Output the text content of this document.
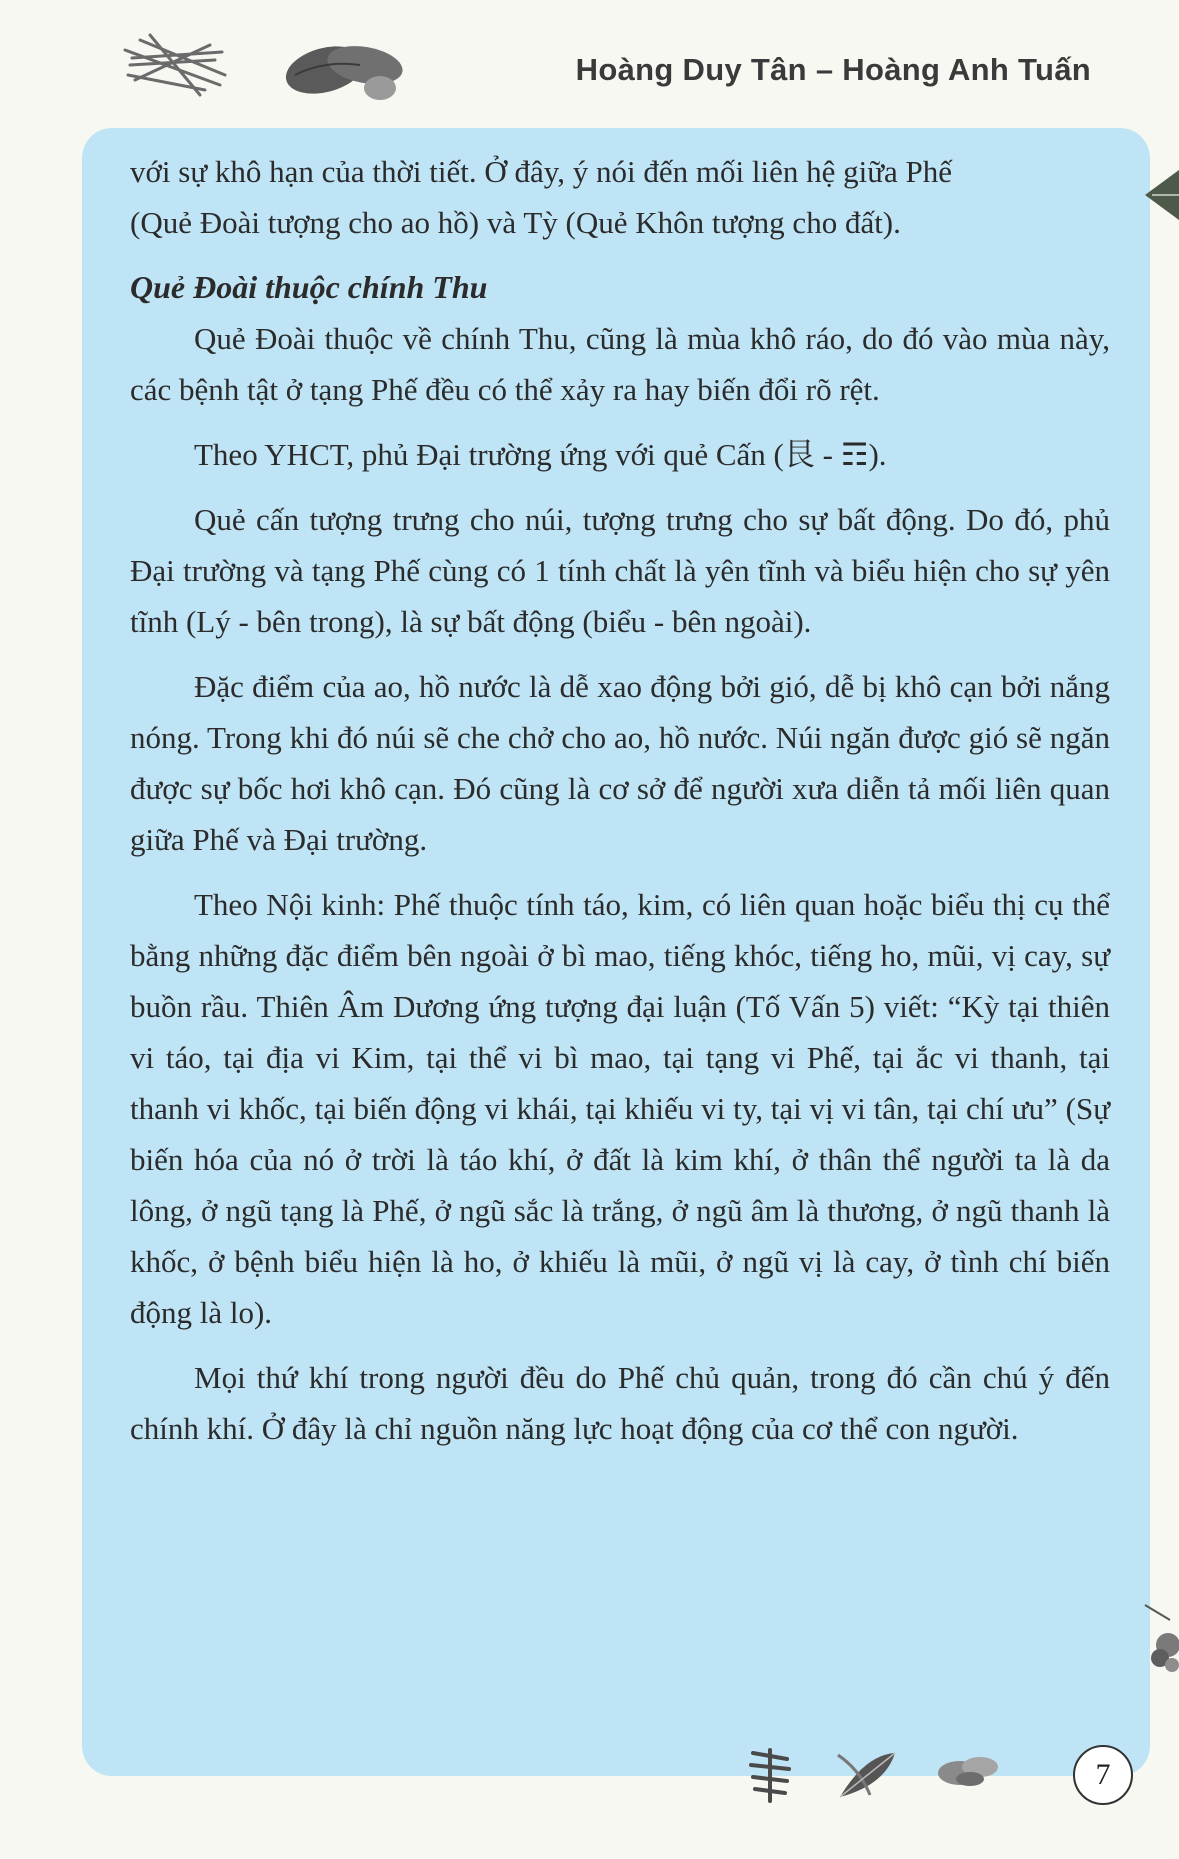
Hoàng Duy Tân – Hoàng Anh Tuấn

với sự khô hạn của thời tiết. Ở đây, ý nói đến mối liên hệ giữa Phế

(Quẻ Đoài tượng cho ao hồ) và Tỳ (Quẻ Khôn tượng cho đất).

Quẻ Đoài thuộc chính Thu

Quẻ Đoài thuộc về chính Thu, cũng là mùa khô ráo, do đó vào mùa này, các bệnh tật ở tạng Phế đều có thể xảy ra hay biến đổi rõ rệt.

Theo YHCT, phủ Đại trường ứng với quẻ Cấn (艮 - ☶).

Quẻ cấn tượng trưng cho núi, tượng trưng cho sự bất động. Do đó, phủ Đại trường và tạng Phế cùng có 1 tính chất là yên tĩnh và biểu hiện cho sự yên tĩnh (Lý - bên trong), là sự bất động (biểu - bên ngoài).

Đặc điểm của ao, hồ nước là dễ xao động bởi gió, dễ bị khô cạn bởi nắng nóng. Trong khi đó núi sẽ che chở cho ao, hồ nước. Núi ngăn được gió sẽ ngăn được sự bốc hơi khô cạn. Đó cũng là cơ sở để người xưa diễn tả mối liên quan giữa Phế và Đại trường.

Theo Nội kinh: Phế thuộc tính táo, kim, có liên quan hoặc biểu thị cụ thể bằng những đặc điểm bên ngoài ở bì mao, tiếng khóc, tiếng ho, mũi, vị cay, sự buồn rầu. Thiên Âm Dương ứng tượng đại luận (Tố Vấn 5) viết: “Kỳ tại thiên vi táo, tại địa vi Kim, tại thể vi bì mao, tại tạng vi Phế, tại ắc vi thanh, tại thanh vi khốc, tại biến động vi khái, tại khiếu vi ty, tại vị vi tân, tại chí ưu” (Sự biến hóa của nó ở trời là táo khí, ở đất là kim khí, ở thân thể người ta là da lông, ở ngũ tạng là Phế, ở ngũ sắc là trắng, ở ngũ âm là thương, ở ngũ thanh là khốc, ở bệnh biểu hiện là ho, ở khiếu là mũi, ở ngũ vị là cay, ở tình chí biến động là lo).

Mọi thứ khí trong người đều do Phế chủ quản, trong đó cần chú ý đến chính khí. Ở đây là chỉ nguồn năng lực hoạt động của cơ thể con người.

7
